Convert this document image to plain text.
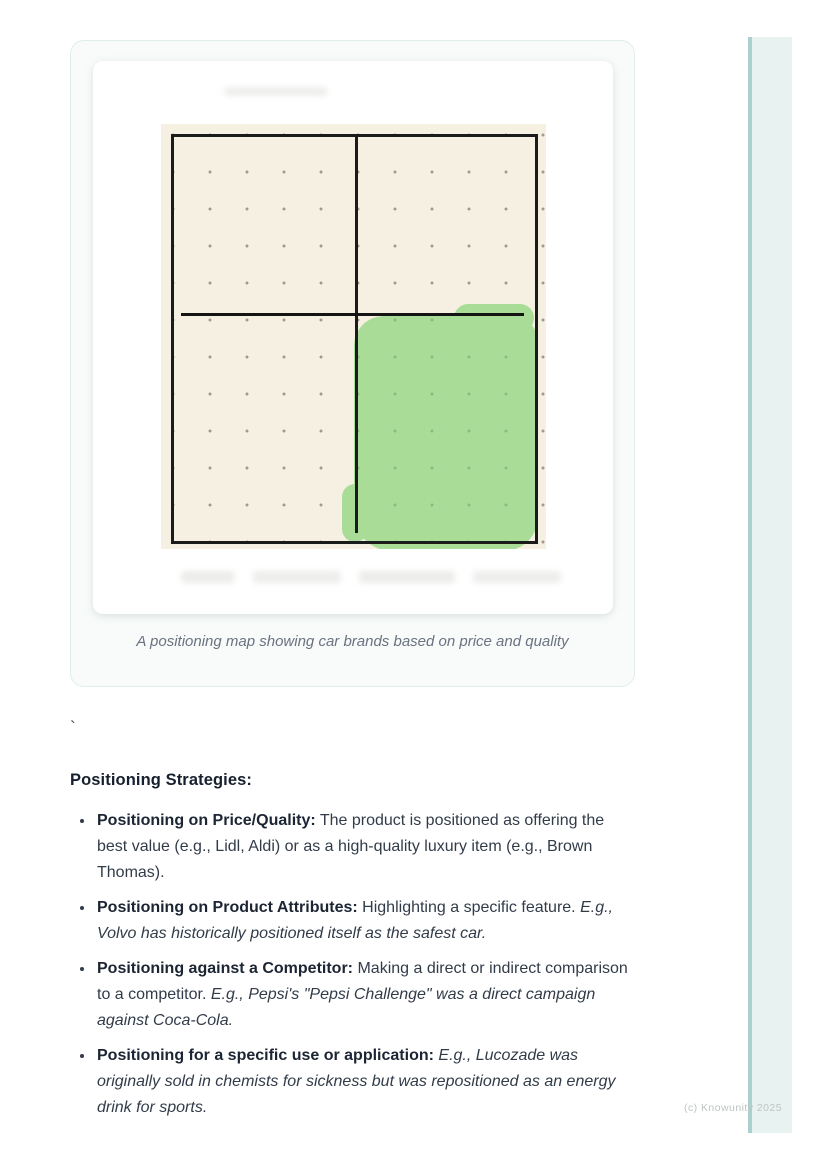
A positioning map showing car brands based on price and quality
`
Positioning Strategies:
• Positioning on Price/Quality: The product is positioned as offering the best value (e.g., Lidl, Aldi) or as a high-quality luxury item (e.g., Brown Thomas).
• Positioning on Product Attributes: Highlighting a specific feature. E.g., Volvo has historically positioned itself as the safest car.
• Positioning against a Competitor: Making a direct or indirect comparison to a competitor. E.g., Pepsi's "Pepsi Challenge" was a direct campaign against Coca-Cola.
• Positioning for a specific use or application: E.g., Lucozade was originally sold in chemists for sickness but was repositioned as an energy drink for sports.	(c) Knowunity 2025
